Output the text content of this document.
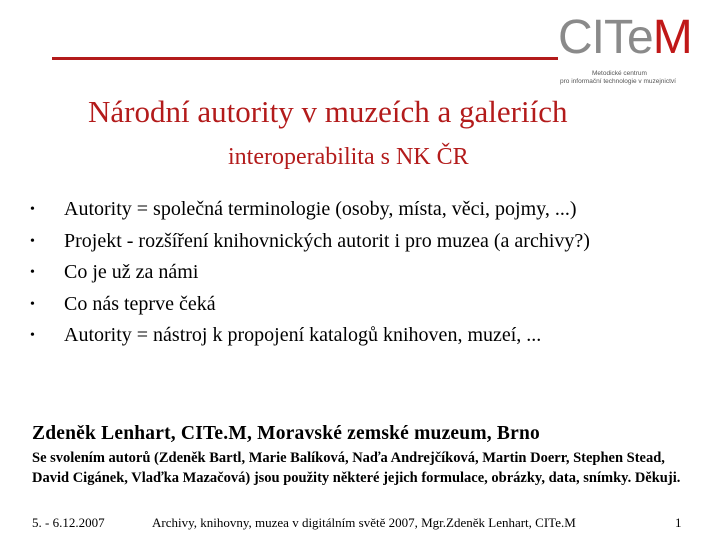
CITeM
Metodické centrum
pro informační technologie v muzejnictví
Národní autority v muzeích a galeriích
interoperabilita s NK ČR
•	Autority = společná terminologie (osoby, místa, věci, pojmy, ...)
•	Projekt - rozšíření knihovnických autorit i pro muzea (a archivy?)
•	Co je už za námi
•	Co nás teprve čeká
•	Autority = nástroj k propojení katalogů knihoven, muzeí, ...
Zdeněk Lenhart, CITe.M, Moravské zemské muzeum, Brno
Se svolením autorů (Zdeněk Bartl, Marie Balíková, Naďa Andrejčíková, Martin Doerr, Stephen Stead, David Cigánek, Vlaďka Mazačová) jsou použity některé jejich formulace, obrázky, data, snímky. Děkuji.
5. - 6.12.2007	Archivy, knihovny, muzea v digitálním světě 2007, Mgr.Zdeněk Lenhart, CITe.M	1
